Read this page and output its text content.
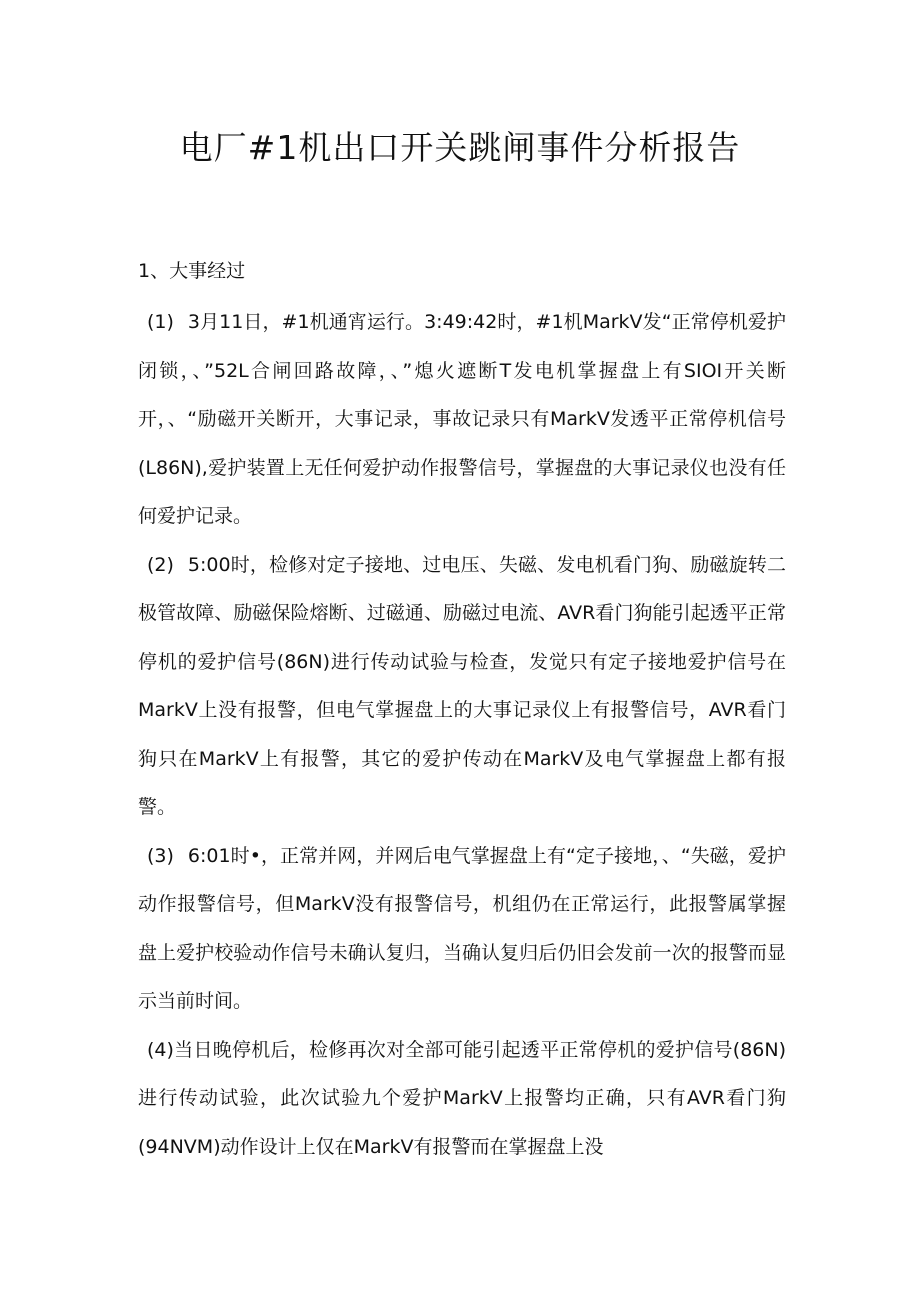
电厂#1机出口开关跳闸事件分析报告

1、大事经过

(1) 3月11日，#1机通宵运行。3:49:42时，#1机MarkV发“正常停机爱护闭锁，、”52L合闸回路故障，、”熄火遮断T发电机掌握盘上有SIOI开关断开，、“励磁开关断开，大事记录，事故记录只有MarkV发透平正常停机信号(L86N),爱护装置上无任何爱护动作报警信号，掌握盘的大事记录仪也没有任何爱护记录。

(2) 5:00时，检修对定子接地、过电压、失磁、发电机看门狗、励磁旋转二极管故障、励磁保险熔断、过磁通、励磁过电流、AVR看门狗能引起透平正常停机的爱护信号(86N)进行传动试验与检查，发觉只有定子接地爱护信号在MarkV上没有报警，但电气掌握盘上的大事记录仪上有报警信号，AVR看门狗只在MarkV上有报警，其它的爱护传动在MarkV及电气掌握盘上都有报警。

(3) 6:01时•，正常并网，并网后电气掌握盘上有“定子接地，、“失磁，爱护动作报警信号，但MarkV没有报警信号，机组仍在正常运行，此报警属掌握盘上爱护校验动作信号未确认复归，当确认复归后仍旧会发前一次的报警而显示当前时间。

(4)当日晚停机后，检修再次对全部可能引起透平正常停机的爱护信号(86N)进行传动试验，此次试验九个爱护MarkV上报警均正确，只有AVR看门狗(94NVM)动作设计上仅在MarkV有报警而在掌握盘上没
